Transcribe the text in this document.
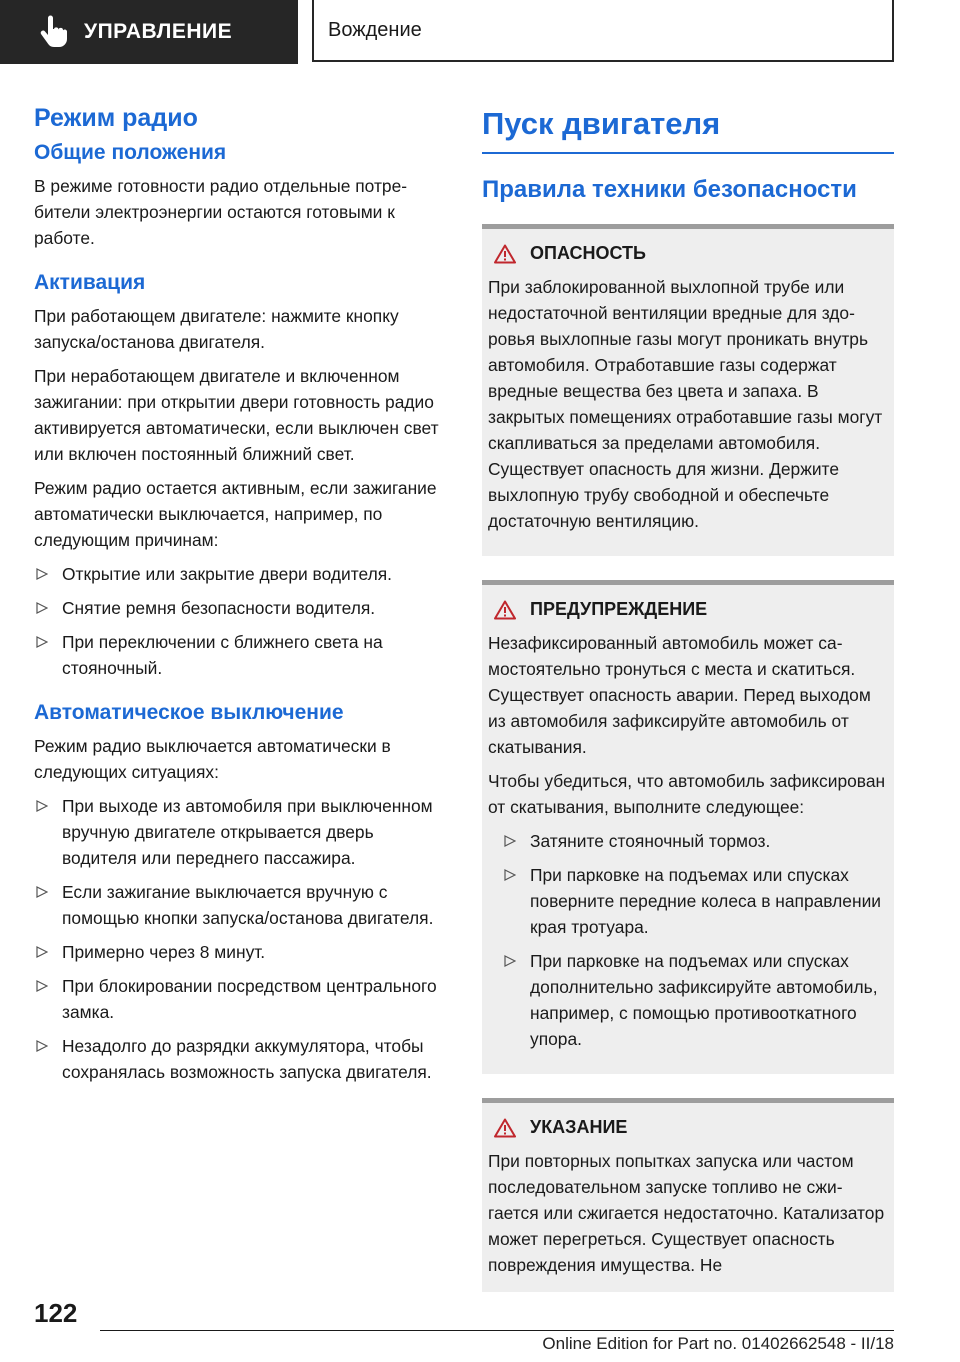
УПРАВЛЕНИЕ	Вождение
Режим радио
Общие положения

В режиме готовности радио отдельные потребители электроэнергии остаются готовыми к работе.

Активация

При работающем двигателе: нажмите кнопку запуска/останова двигателя.

При неработающем двигателе и включенном зажигании: при открытии двери готовность радио активируется автоматически, если выключен свет или включен постоянный ближний свет.

Режим радио остается активным, если зажигание автоматически выключается, например, по следующим причинам:

Открытие или закрытие двери водителя.
Снятие ремня безопасности водителя.
При переключении с ближнего света на стояночный.
Автоматическое выключение

Режим радио выключается автоматически в следующих ситуациях:

При выходе из автомобиля при выключенном вручную двигателе открывается дверь водителя или переднего пассажира.
Если зажигание выключается вручную с помощью кнопки запуска/останова двигателя.
Примерно через 8 минут.
При блокировании посредством центрального замка.
Незадолго до разрядки аккумулятора, чтобы сохранялась возможность запуска двигателя.
Пуск двигателя
Правила техники безопасности
ОПАСНОСТЬ

При заблокированной выхлопной трубе или недостаточной вентиляции вредные для здоровья выхлопные газы могут проникать внутрь автомобиля. Отработавшие газы содержат вредные вещества без цвета и запаха. В закрытых помещениях отработавшие газы могут скапливаться за пределами автомобиля. Существует опасность для жизни. Держите выхлопную трубу свободной и обеспечьте достаточную вентиляцию.

ПРЕДУПРЕЖДЕНИЕ

Незафиксированный автомобиль может самостоятельно тронуться с места и скатиться. Существует опасность аварии. Перед выходом из автомобиля зафиксируйте автомобиль от скатывания.

Чтобы убедиться, что автомобиль зафиксирован от скатывания, выполните следующее:

Затяните стояночный тормоз.
При парковке на подъемах или спусках поверните передние колеса в направлении края тротуара.
При парковке на подъемах или спусках дополнительно зафиксируйте автомобиль, например, с помощью противооткатного упора.
УКАЗАНИЕ

При повторных попытках запуска или частом последовательном запуске топливо не сжигается или сжигается недостаточно. Катализатор может перегреться. Существует опасность повреждения имущества. Не

122
Online Edition for Part no. 01402662548 - II/18
